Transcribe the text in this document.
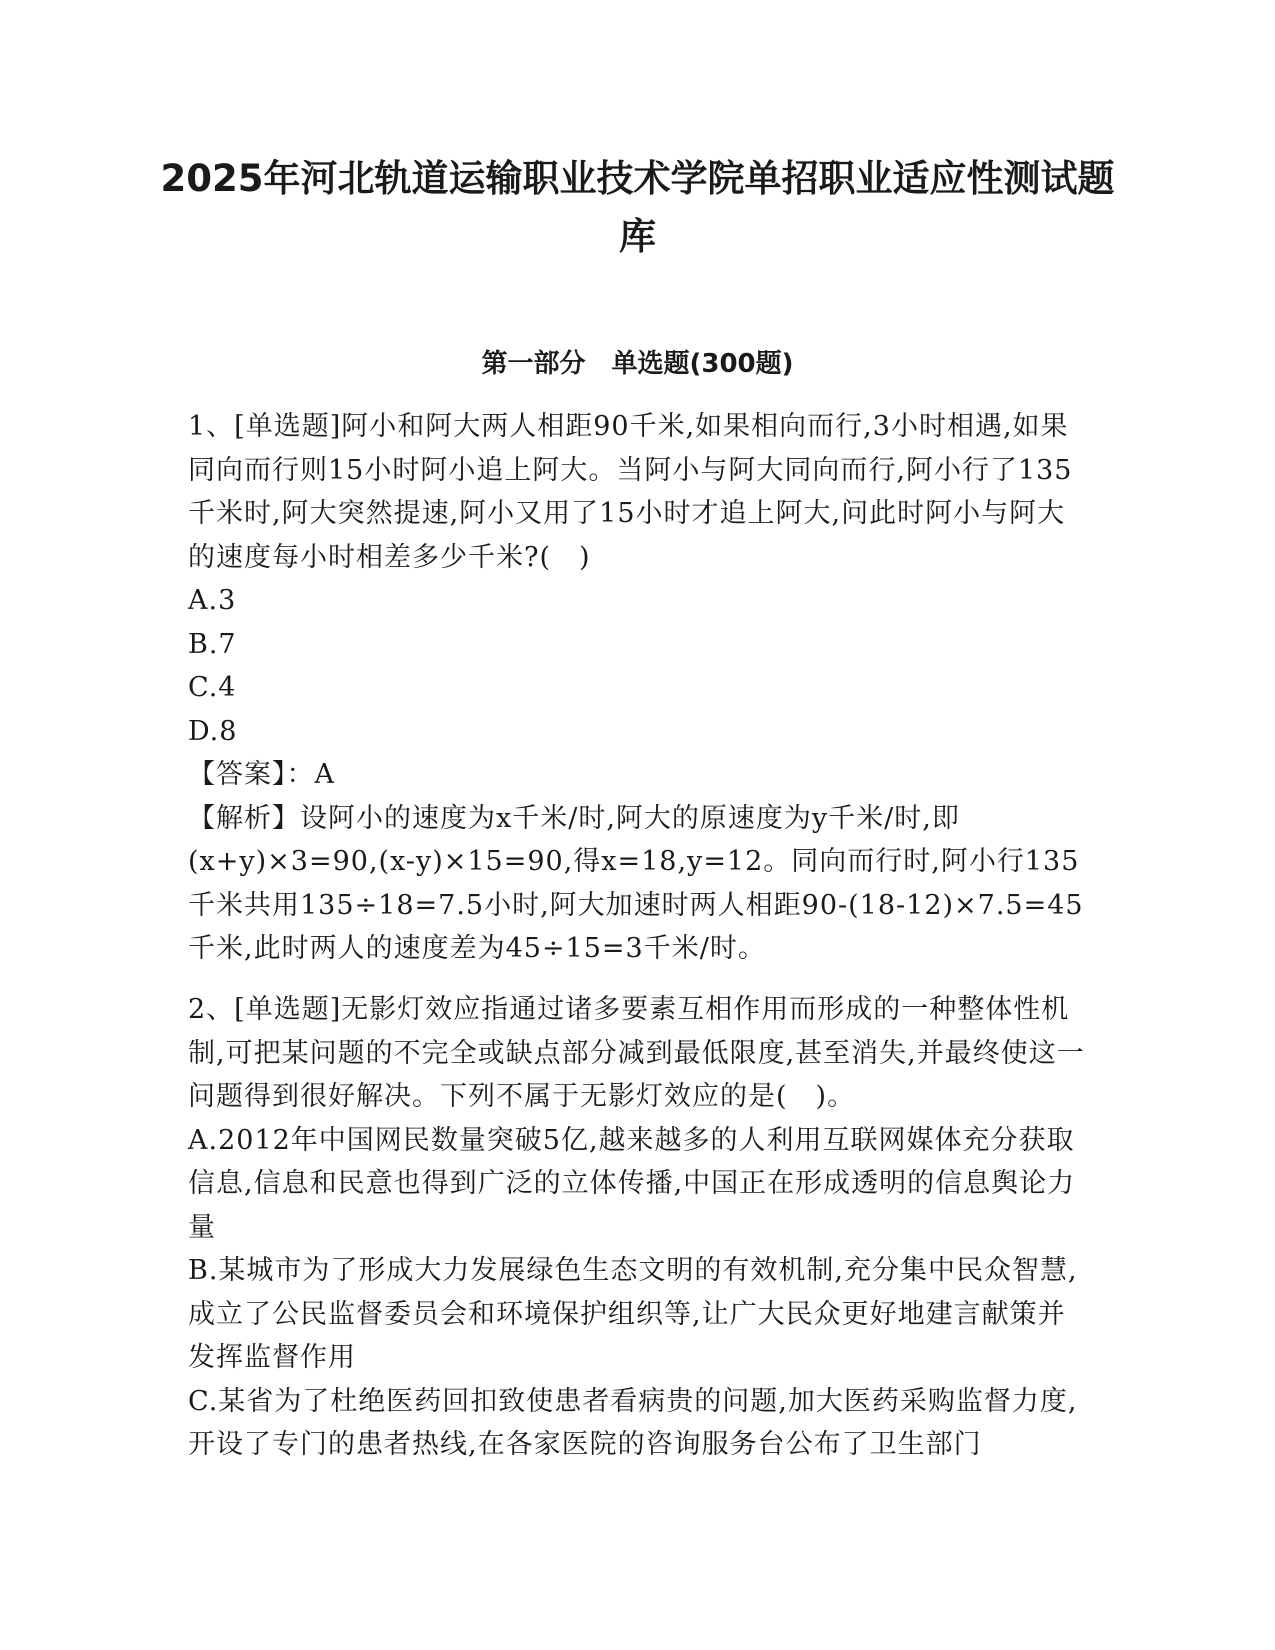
2025年河北轨道运输职业技术学院单招职业适应性测试题库
第一部分　单选题(300题)

1、[单选题]阿小和阿大两人相距90千米,如果相向而行,3小时相遇,如果同向而行则15小时阿小追上阿大。当阿小与阿大同向而行,阿小行了135千米时,阿大突然提速,阿小又用了15小时才追上阿大,问此时阿小与阿大的速度每小时相差多少千米?(　)

A.3

B.7

C.4

D.8

【答案】：A

【解析】设阿小的速度为x千米/时,阿大的原速度为y千米/时,即(x+y)×3=90,(x-y)×15=90,得x=18,y=12。同向而行时,阿小行135千米共用135÷18=7.5小时,阿大加速时两人相距90-(18-12)×7.5=45千米,此时两人的速度差为45÷15=3千米/时。

2、[单选题]无影灯效应指通过诸多要素互相作用而形成的一种整体性机制,可把某问题的不完全或缺点部分减到最低限度,甚至消失,并最终使这一问题得到很好解决。下列不属于无影灯效应的是(　)。

A.2012年中国网民数量突破5亿,越来越多的人利用互联网媒体充分获取信息,信息和民意也得到广泛的立体传播,中国正在形成透明的信息舆论力量

B.某城市为了形成大力发展绿色生态文明的有效机制,充分集中民众智慧,成立了公民监督委员会和环境保护组织等,让广大民众更好地建言献策并发挥监督作用

C.某省为了杜绝医药回扣致使患者看病贵的问题,加大医药采购监督力度,开设了专门的患者热线,在各家医院的咨询服务台公布了卫生部门
